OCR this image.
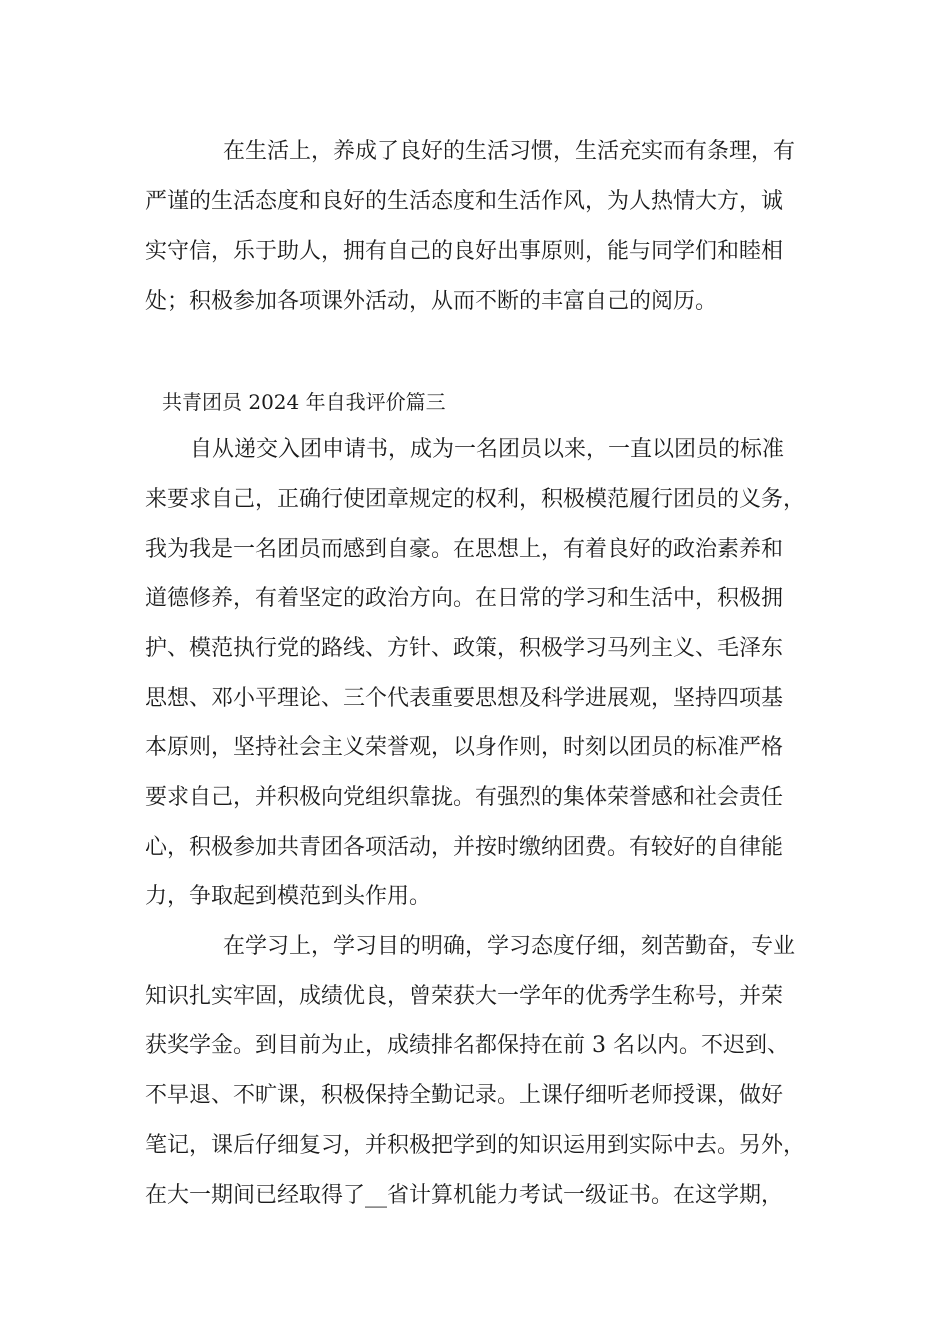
在生活上，养成了良好的生活习惯，生活充实而有条理，有
严谨的生活态度和良好的生活态度和生活作风，为人热情大方，诚
实守信，乐于助人，拥有自己的良好出事原则，能与同学们和睦相
处；积极参加各项课外活动，从而不断的丰富自己的阅历。
共青团员 2024 年自我评价篇三
自从递交入团申请书，成为一名团员以来，一直以团员的标准
来要求自己，正确行使团章规定的权利，积极模范履行团员的义务，
我为我是一名团员而感到自豪。在思想上，有着良好的政治素养和
道德修养，有着坚定的政治方向。在日常的学习和生活中，积极拥
护、模范执行党的路线、方针、政策，积极学习马列主义、毛泽东
思想、邓小平理论、三个代表重要思想及科学进展观，坚持四项基
本原则，坚持社会主义荣誉观，以身作则，时刻以团员的标准严格
要求自己，并积极向党组织靠拢。有强烈的集体荣誉感和社会责任
心，积极参加共青团各项活动，并按时缴纳团费。有较好的自律能
力，争取起到模范到头作用。
在学习上，学习目的明确，学习态度仔细，刻苦勤奋，专业
知识扎实牢固，成绩优良，曾荣获大一学年的优秀学生称号，并荣
获奖学金。到目前为止，成绩排名都保持在前 3 名以内。不迟到、
不早退、不旷课，积极保持全勤记录。上课仔细听老师授课，做好
笔记，课后仔细复习，并积极把学到的知识运用到实际中去。另外，
在大一期间已经取得了__省计算机能力考试一级证书。在这学期，
